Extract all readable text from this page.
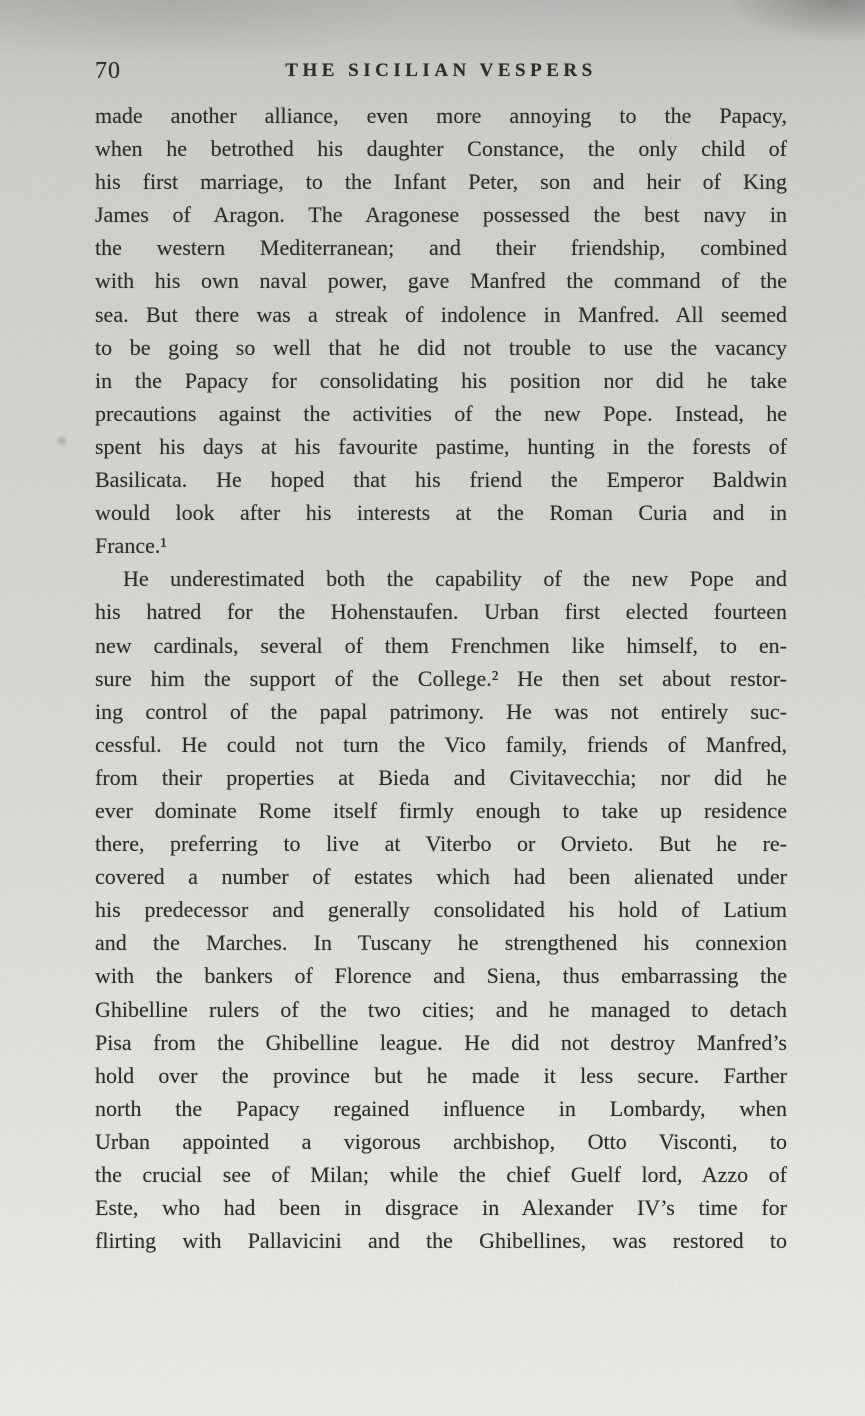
70	THE SICILIAN VESPERS
made another alliance, even more annoying to the Papacy,
when he betrothed his daughter Constance, the only child of
his first marriage, to the Infant Peter, son and heir of King
James of Aragon. The Aragonese possessed the best navy in
the western Mediterranean; and their friendship, combined
with his own naval power, gave Manfred the command of the
sea. But there was a streak of indolence in Manfred. All seemed
to be going so well that he did not trouble to use the vacancy
in the Papacy for consolidating his position nor did he take
precautions against the activities of the new Pope. Instead, he
spent his days at his favourite pastime, hunting in the forests of
Basilicata. He hoped that his friend the Emperor Baldwin
would look after his interests at the Roman Curia and in
France.¹
He underestimated both the capability of the new Pope and
his hatred for the Hohenstaufen. Urban first elected fourteen
new cardinals, several of them Frenchmen like himself, to en-
sure him the support of the College.² He then set about restor-
ing control of the papal patrimony. He was not entirely suc-
cessful. He could not turn the Vico family, friends of Manfred,
from their properties at Bieda and Civitavecchia; nor did he
ever dominate Rome itself firmly enough to take up residence
there, preferring to live at Viterbo or Orvieto. But he re-
covered a number of estates which had been alienated under
his predecessor and generally consolidated his hold of Latium
and the Marches. In Tuscany he strengthened his connexion
with the bankers of Florence and Siena, thus embarrassing the
Ghibelline rulers of the two cities; and he managed to detach
Pisa from the Ghibelline league. He did not destroy Manfred’s
hold over the province but he made it less secure. Farther
north the Papacy regained influence in Lombardy, when
Urban appointed a vigorous archbishop, Otto Visconti, to
the crucial see of Milan; while the chief Guelf lord, Azzo of
Este, who had been in disgrace in Alexander IV’s time for
flirting with Pallavicini and the Ghibellines, was restored to
